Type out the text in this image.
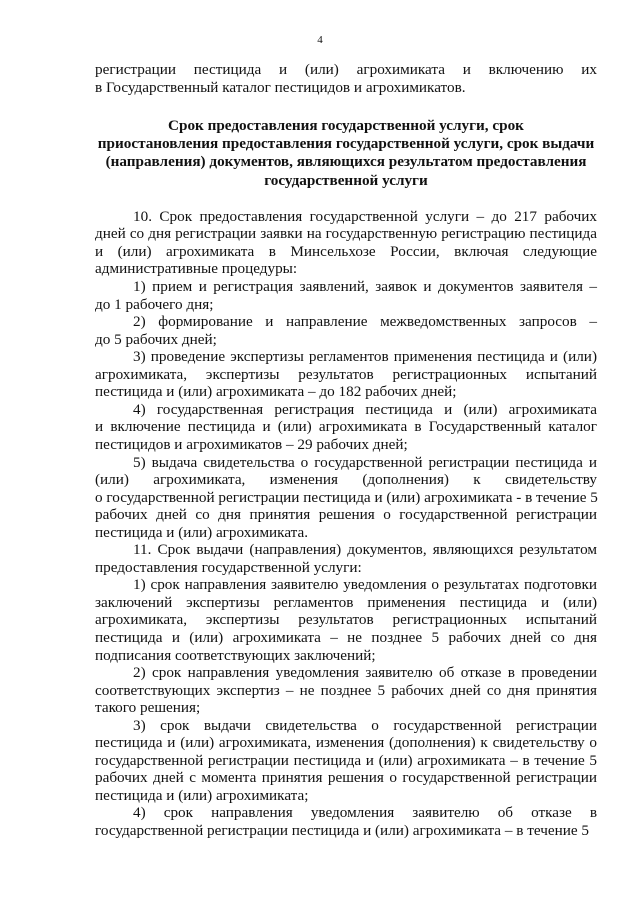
4
регистрации пестицида и (или) агрохимиката и включению их
в Государственный каталог пестицидов и агрохимикатов.
Срок предоставления государственной услуги, срок
приостановления предоставления государственной услуги, срок выдачи
(направления) документов, являющихся результатом предоставления
государственной услуги
10. Срок предоставления государственной услуги – до 217 рабочих
дней со дня регистрации заявки на государственную регистрацию пестицида
и (или) агрохимиката в Минсельхозе России, включая следующие
административные процедуры:
1) прием и регистрация заявлений, заявок и документов заявителя –
до 1 рабочего дня;
2) формирование и направление межведомственных запросов –
до 5 рабочих дней;
3) проведение экспертизы регламентов применения пестицида и (или)
агрохимиката, экспертизы результатов регистрационных испытаний
пестицида и (или) агрохимиката – до 182 рабочих дней;
4) государственная регистрация пестицида и (или) агрохимиката
и включение пестицида и (или) агрохимиката в Государственный каталог
пестицидов и агрохимикатов – 29 рабочих дней;
5) выдача свидетельства о государственной регистрации пестицида и
(или) агрохимиката, изменения (дополнения) к свидетельству
о государственной регистрации пестицида и (или) агрохимиката - в течение 5
рабочих дней со дня принятия решения о государственной регистрации
пестицида и (или) агрохимиката.
11. Срок выдачи (направления) документов, являющихся результатом
предоставления государственной услуги:
1) срок направления заявителю уведомления о результатах подготовки
заключений экспертизы регламентов применения пестицида и (или)
агрохимиката, экспертизы результатов регистрационных испытаний
пестицида и (или) агрохимиката – не позднее 5 рабочих дней со дня
подписания соответствующих заключений;
2) срок направления уведомления заявителю об отказе в проведении
соответствующих экспертиз – не позднее 5 рабочих дней со дня принятия
такого решения;
3) срок выдачи свидетельства о государственной регистрации
пестицида и (или) агрохимиката, изменения (дополнения) к свидетельству о
государственной регистрации пестицида и (или) агрохимиката – в течение 5
рабочих дней с момента принятия решения о государственной регистрации
пестицида и (или) агрохимиката;
4) срок направления уведомления заявителю об отказе в
государственной регистрации пестицида и (или) агрохимиката – в течение 5
